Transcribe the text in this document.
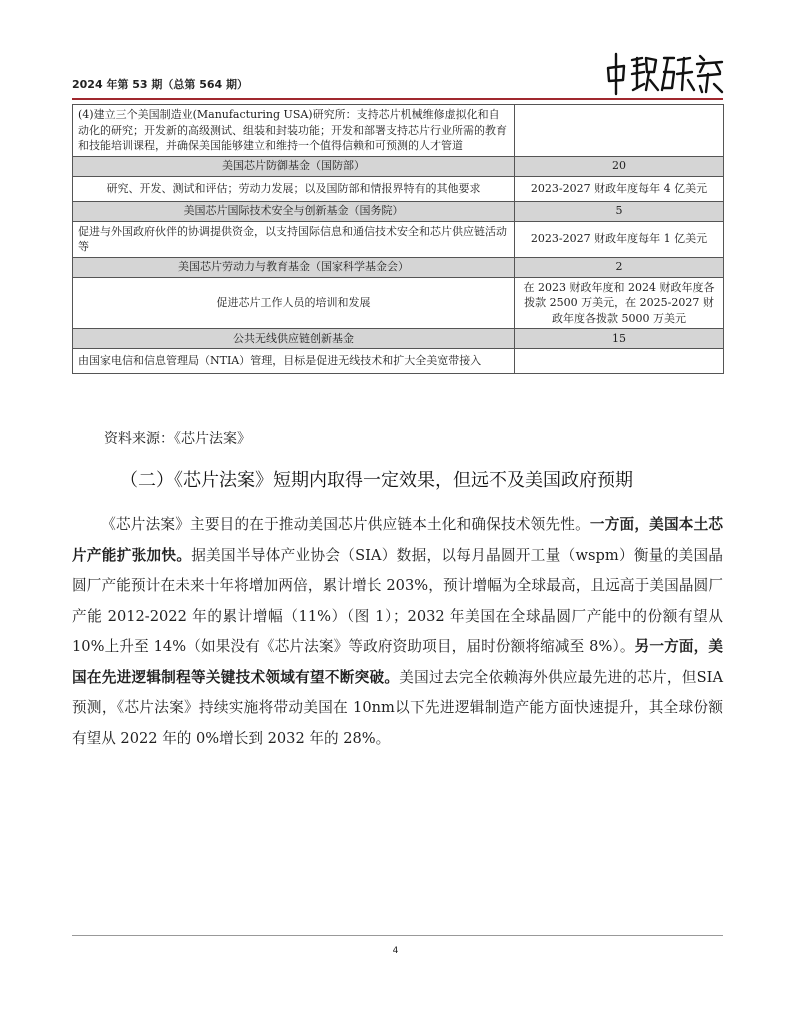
2024 年第 53 期（总第 564 期）
(4)建立三个美国制造业(Manufacturing USA)研究所：支持芯片机械维修虚拟化和自动化的研究；开发新的高级测试、组装和封装功能；开发和部署支持芯片行业所需的教育和技能培训课程，并确保美国能够建立和维持一个值得信赖和可预测的人才管道	
美国芯片防御基金（国防部）	20
研究、开发、测试和评估；劳动力发展；以及国防部和情报界特有的其他要求	2023-2027 财政年度每年 4 亿美元
美国芯片国际技术安全与创新基金（国务院）	5
促进与外国政府伙伴的协调提供资金，以支持国际信息和通信技术安全和芯片供应链活动等	2023-2027 财政年度每年 1 亿美元
美国芯片劳动力与教育基金（国家科学基金会）	2
促进芯片工作人员的培训和发展	在 2023 财政年度和 2024 财政年度各拨款 2500 万美元，在 2025-2027 财政年度各拨款 5000 万美元
公共无线供应链创新基金	15
由国家电信和信息管理局（NTIA）管理，目标是促进无线技术和扩大全美宽带接入	
资料来源：《芯片法案》
（二）《芯片法案》短期内取得一定效果，但远不及美国政府预期
《芯片法案》主要目的在于推动美国芯片供应链本土化和确保技术领先性。一方面，美国本土芯片产能扩张加快。据美国半导体产业协会（SIA）数据，以每月晶圆开工量（wspm）衡量的美国晶圆厂产能预计在未来十年将增加两倍，累计增长 203%，预计增幅为全球最高，且远高于美国晶圆厂产能 2012-2022 年的累计增幅（11%）（图 1）；2032 年美国在全球晶圆厂产能中的份额有望从 10%上升至 14%（如果没有《芯片法案》等政府资助项目，届时份额将缩减至 8%）。另一方面，美国在先进逻辑制程等关键技术领域有望不断突破。美国过去完全依赖海外供应最先进的芯片，但SIA预测，《芯片法案》持续实施将带动美国在 10nm以下先进逻辑制造产能方面快速提升，其全球份额有望从 2022 年的 0%增长到 2032 年的 28%。
4
